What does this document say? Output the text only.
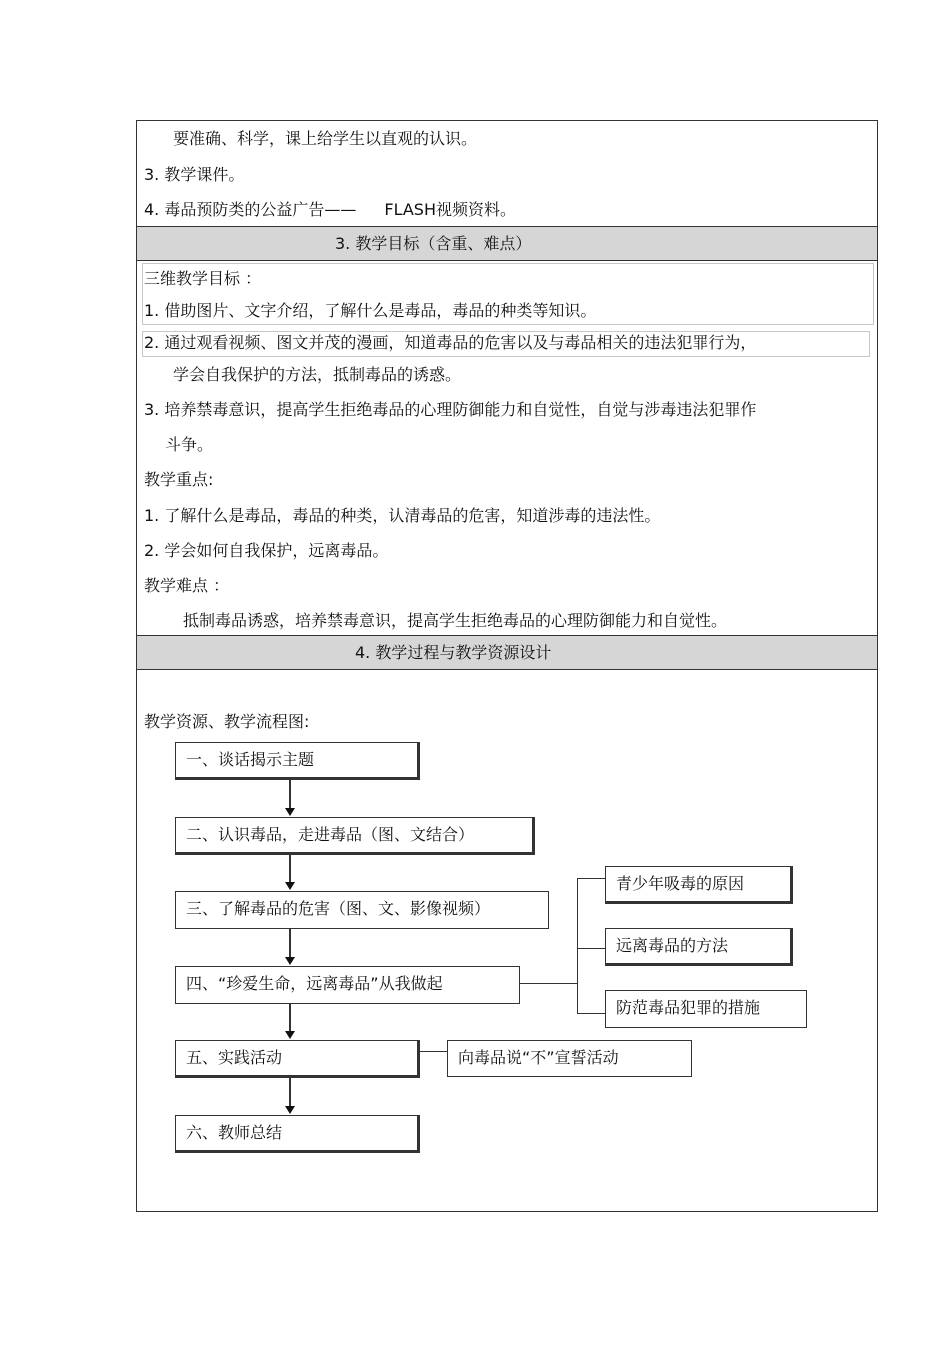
要准确、科学，课上给学生以直观的认识。
3. 教学课件。
4. 毒品预防类的公益广告—— FLASH视频资料。
3. 教学目标（含重、难点）
三维教学目标 ：
1. 借助图片、文字介绍，了解什么是毒品，毒品的种类等知识。
2. 通过观看视频、图文并茂的漫画，知道毒品的危害以及与毒品相关的违法犯罪行为，
学会自我保护的方法，抵制毒品的诱惑。
3. 培养禁毒意识，提高学生拒绝毒品的心理防御能力和自觉性，自觉与涉毒违法犯罪作
斗争。
教学重点:
1. 了解什么是毒品，毒品的种类，认清毒品的危害，知道涉毒的违法性。
2. 学会如何自我保护，远离毒品。
教学难点 ：
抵制毒品诱惑，培养禁毒意识，提高学生拒绝毒品的心理防御能力和自觉性。
4. 教学过程与教学资源设计
教学资源、教学流程图:
一、谈话揭示主题
二、认识毒品，走进毒品（图、文结合）
三、了解毒品的危害（图、文、影像视频）
四、“珍爱生命，远离毒品”从我做起
五、实践活动
六、教师总结
青少年吸毒的原因
远离毒品的方法
防范毒品犯罪的措施
向毒品说“不”宣誓活动
